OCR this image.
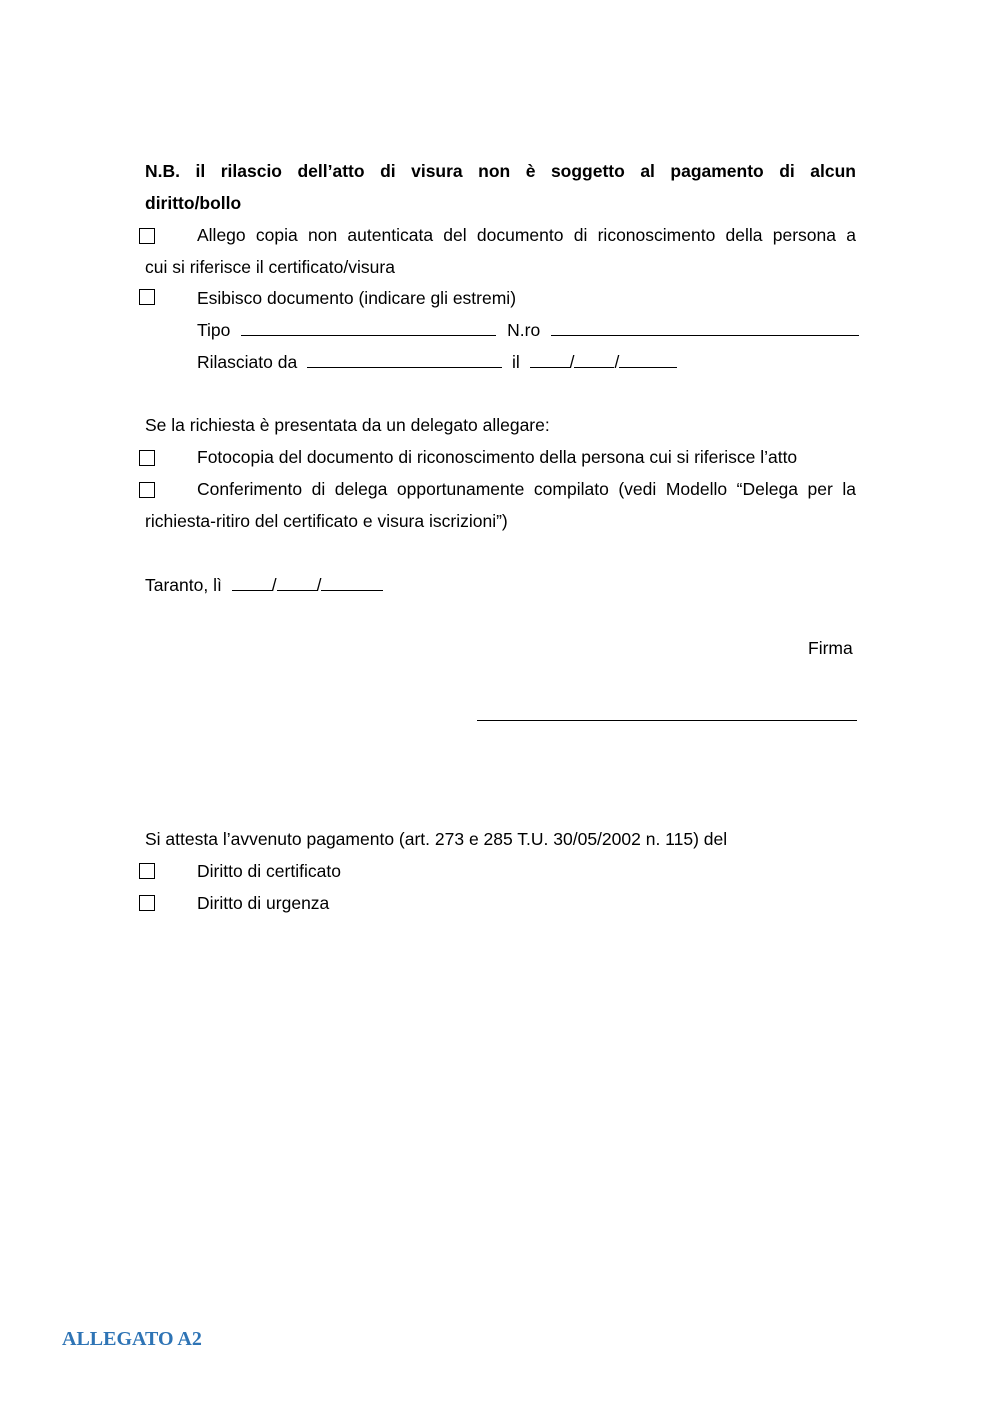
N.B. il rilascio dell’atto di visura non è soggetto al pagamento di alcun
diritto/bollo
Allego copia non autenticata del documento di riconoscimento della persona a
cui si riferisce il certificato/visura
Esibisco documento (indicare gli estremi)
Tipo	N.ro
Rilasciato da	il	/ /
Se la richiesta è presentata da un delegato allegare:
Fotocopia del documento di riconoscimento della persona cui si riferisce l’atto
Conferimento di delega opportunamente compilato (vedi Modello “Delega per la
richiesta-ritiro del certificato e visura iscrizioni”)
Taranto, lì	/ /
Firma
Si attesta l’avvenuto pagamento (art. 273 e 285 T.U. 30/05/2002 n. 115) del
Diritto di certificato
Diritto di urgenza
ALLEGATO A2
